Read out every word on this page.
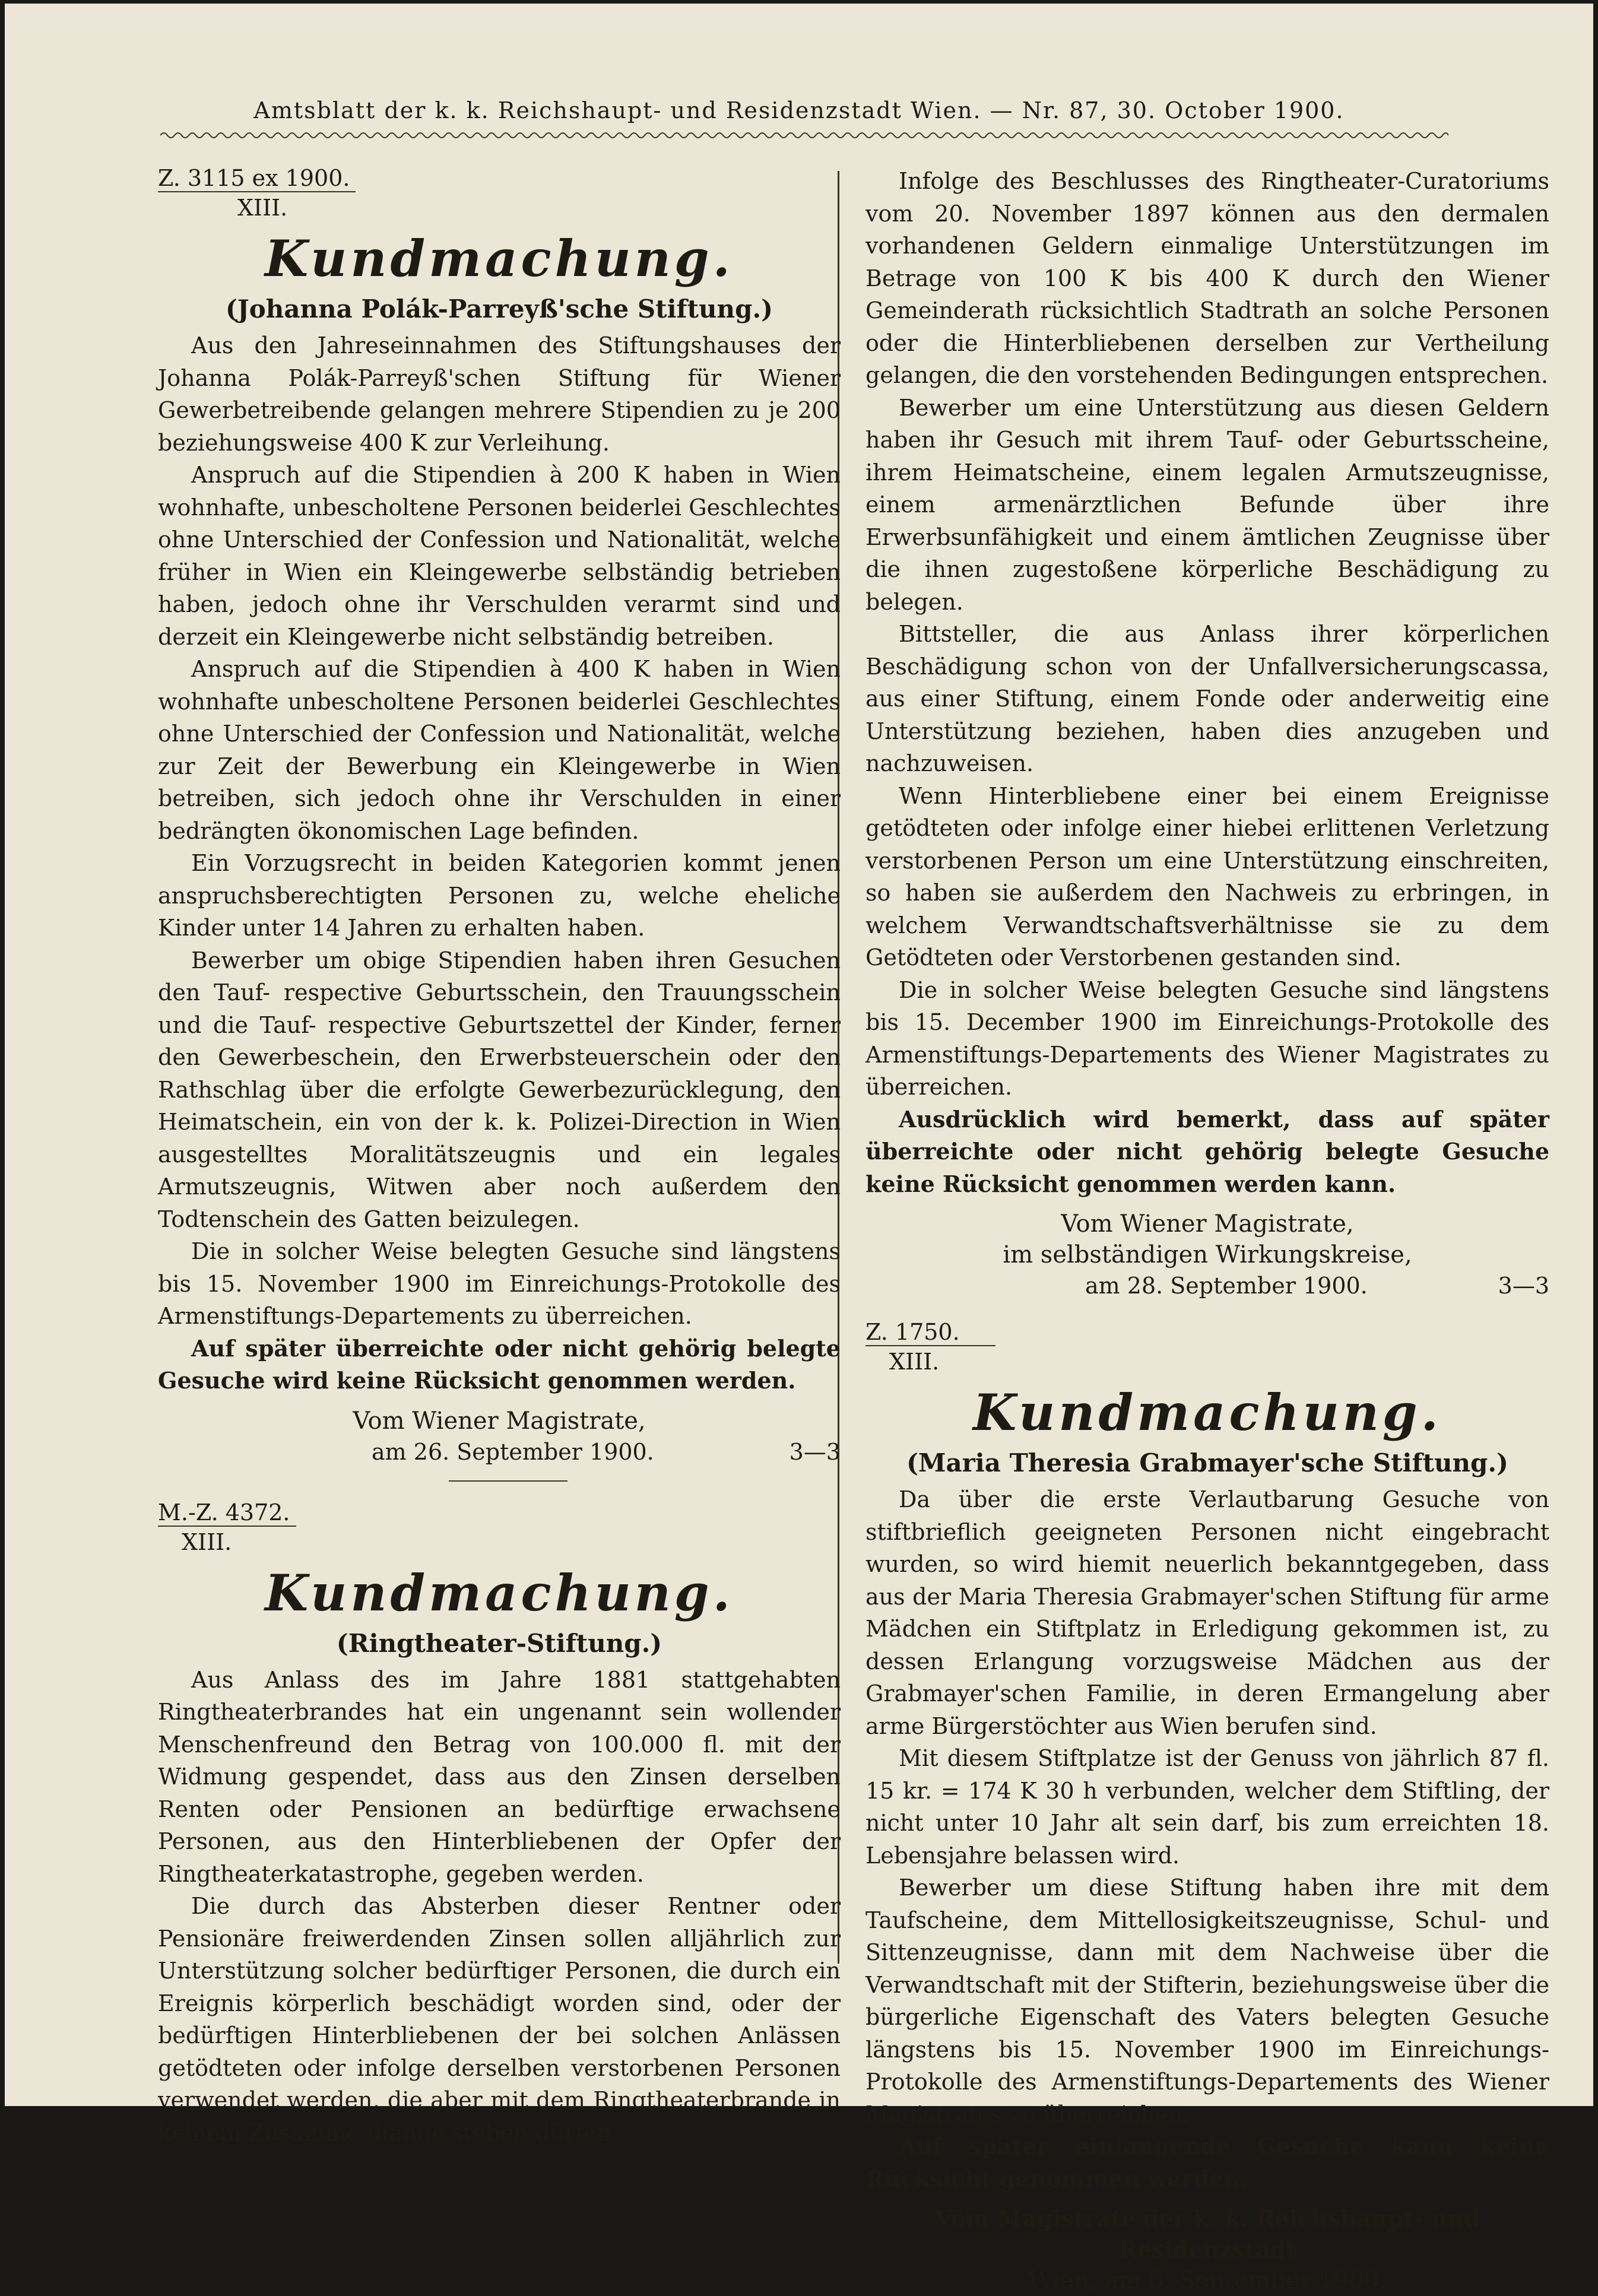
Amtsblatt der k. k. Reichshaupt- und Residenzstadt Wien. — Nr. 87, 30. October 1900.
Z. 3115 ex 1900.
XIII.
Kundmachung.
(Johanna Polák-Parreyß'sche Stiftung.)

Aus den Jahreseinnahmen des Stiftungshauses der Johanna Polák-Parreyß'schen Stiftung für Wiener Gewerbetreibende gelangen mehrere Stipendien zu je 200 beziehungsweise 400 K zur Verleihung.

Anspruch auf die Stipendien à 200 K haben in Wien wohnhafte, unbescholtene Personen beiderlei Geschlechtes ohne Unterschied der Confession und Nationalität, welche früher in Wien ein Kleingewerbe selbständig betrieben haben, jedoch ohne ihr Verschulden verarmt sind und derzeit ein Kleingewerbe nicht selbständig betreiben.

Anspruch auf die Stipendien à 400 K haben in Wien wohnhafte unbescholtene Personen beiderlei Geschlechtes ohne Unterschied der Confession und Nationalität, welche zur Zeit der Bewerbung ein Kleingewerbe in Wien betreiben, sich jedoch ohne ihr Verschulden in einer bedrängten ökonomischen Lage befinden.

Ein Vorzugsrecht in beiden Kategorien kommt jenen anspruchsberechtigten Personen zu, welche eheliche Kinder unter 14 Jahren zu erhalten haben.

Bewerber um obige Stipendien haben ihren Gesuchen den Tauf- respective Geburtsschein, den Trauungsschein und die Tauf- respective Geburtszettel der Kinder, ferner den Gewerbeschein, den Erwerbsteuerschein oder den Rathschlag über die erfolgte Gewerbezurücklegung, den Heimatschein, ein von der k. k. Polizei-Direction in Wien ausgestelltes Moralitätszeugnis und ein legales Armutszeugnis, Witwen aber noch außerdem den Todtenschein des Gatten beizulegen.

Die in solcher Weise belegten Gesuche sind längstens bis 15. November 1900 im Einreichungs-Protokolle des Armenstiftungs-Departements zu überreichen.

Auf später überreichte oder nicht gehörig belegte Gesuche wird keine Rücksicht genommen werden.

Vom Wiener Magistrate,
am 26. September 1900.	3—3
M.-Z. 4372.
XIII.
Kundmachung.
(Ringtheater-Stiftung.)

Aus Anlass des im Jahre 1881 stattgehabten Ringtheaterbrandes hat ein ungenannt sein wollender Menschenfreund den Betrag von 100.000 fl. mit der Widmung gespendet, dass aus den Zinsen derselben Renten oder Pensionen an bedürftige erwachsene Personen, aus den Hinterbliebenen der Opfer der Ringtheaterkatastrophe, gegeben werden.

Die durch das Absterben dieser Rentner oder Pensionäre freiwerdenden Zinsen sollen alljährlich zur Unterstützung solcher bedürftiger Personen, die durch ein Ereignis körperlich beschädigt worden sind, oder der bedürftigen Hinterbliebenen der bei solchen Anlässen getödteten oder infolge derselben verstorbenen Personen verwendet werden, die aber mit dem Ringtheaterbrande in keinem Zusammenhange stehen dürfen.

Infolge des Beschlusses des Ringtheater-Curatoriums vom 20. November 1897 können aus den dermalen vorhandenen Geldern einmalige Unterstützungen im Betrage von 100 K bis 400 K durch den Wiener Gemeinderath rücksichtlich Stadtrath an solche Personen oder die Hinterbliebenen derselben zur Vertheilung gelangen, die den vorstehenden Bedingungen entsprechen.

Bewerber um eine Unterstützung aus diesen Geldern haben ihr Gesuch mit ihrem Tauf- oder Geburtsscheine, ihrem Heimatscheine, einem legalen Armutszeugnisse, einem armenärztlichen Befunde über ihre Erwerbsunfähigkeit und einem ämtlichen Zeugnisse über die ihnen zugestoßene körperliche Beschädigung zu belegen.

Bittsteller, die aus Anlass ihrer körperlichen Beschädigung schon von der Unfallversicherungscassa, aus einer Stiftung, einem Fonde oder anderweitig eine Unterstützung beziehen, haben dies anzugeben und nachzuweisen.

Wenn Hinterbliebene einer bei einem Ereignisse getödteten oder infolge einer hiebei erlittenen Verletzung verstorbenen Person um eine Unterstützung einschreiten, so haben sie außerdem den Nachweis zu erbringen, in welchem Verwandtschaftsverhältnisse sie zu dem Getödteten oder Verstorbenen gestanden sind.

Die in solcher Weise belegten Gesuche sind längstens bis 15. December 1900 im Einreichungs-Protokolle des Armenstiftungs-Departements des Wiener Magistrates zu überreichen.

Ausdrücklich wird bemerkt, dass auf später überreichte oder nicht gehörig belegte Gesuche keine Rücksicht genommen werden kann.

Vom Wiener Magistrate,
im selbständigen Wirkungskreise,
am 28. September 1900.	3—3
Z. 1750.
XIII.
Kundmachung.
(Maria Theresia Grabmayer'sche Stiftung.)

Da über die erste Verlautbarung Gesuche von stiftbrieflich geeigneten Personen nicht eingebracht wurden, so wird hiemit neuerlich bekanntgegeben, dass aus der Maria Theresia Grabmayer'schen Stiftung für arme Mädchen ein Stiftplatz in Erledigung gekommen ist, zu dessen Erlangung vorzugsweise Mädchen aus der Grabmayer'schen Familie, in deren Ermangelung aber arme Bürgerstöchter aus Wien berufen sind.

Mit diesem Stiftplatze ist der Genuss von jährlich 87 fl. 15 kr. = 174 K 30 h verbunden, welcher dem Stiftling, der nicht unter 10 Jahr alt sein darf, bis zum erreichten 18. Lebensjahre belassen wird.

Bewerber um diese Stiftung haben ihre mit dem Taufscheine, dem Mittellosigkeitszeugnisse, Schul- und Sittenzeugnisse, dann mit dem Nachweise über die Verwandtschaft mit der Stifterin, beziehungsweise über die bürgerliche Eigenschaft des Vaters belegten Gesuche längstens bis 15. November 1900 im Einreichungs-Protokolle des Armenstiftungs-Departements des Wiener Magistrates zu überreichen.

Auf später einlangende Gesuche kann keine Rücksicht genommen werden.

Vom Magistrate der k. k. Reichshaupt- und Residenzstadt
Wien, am 6. September 1900.
